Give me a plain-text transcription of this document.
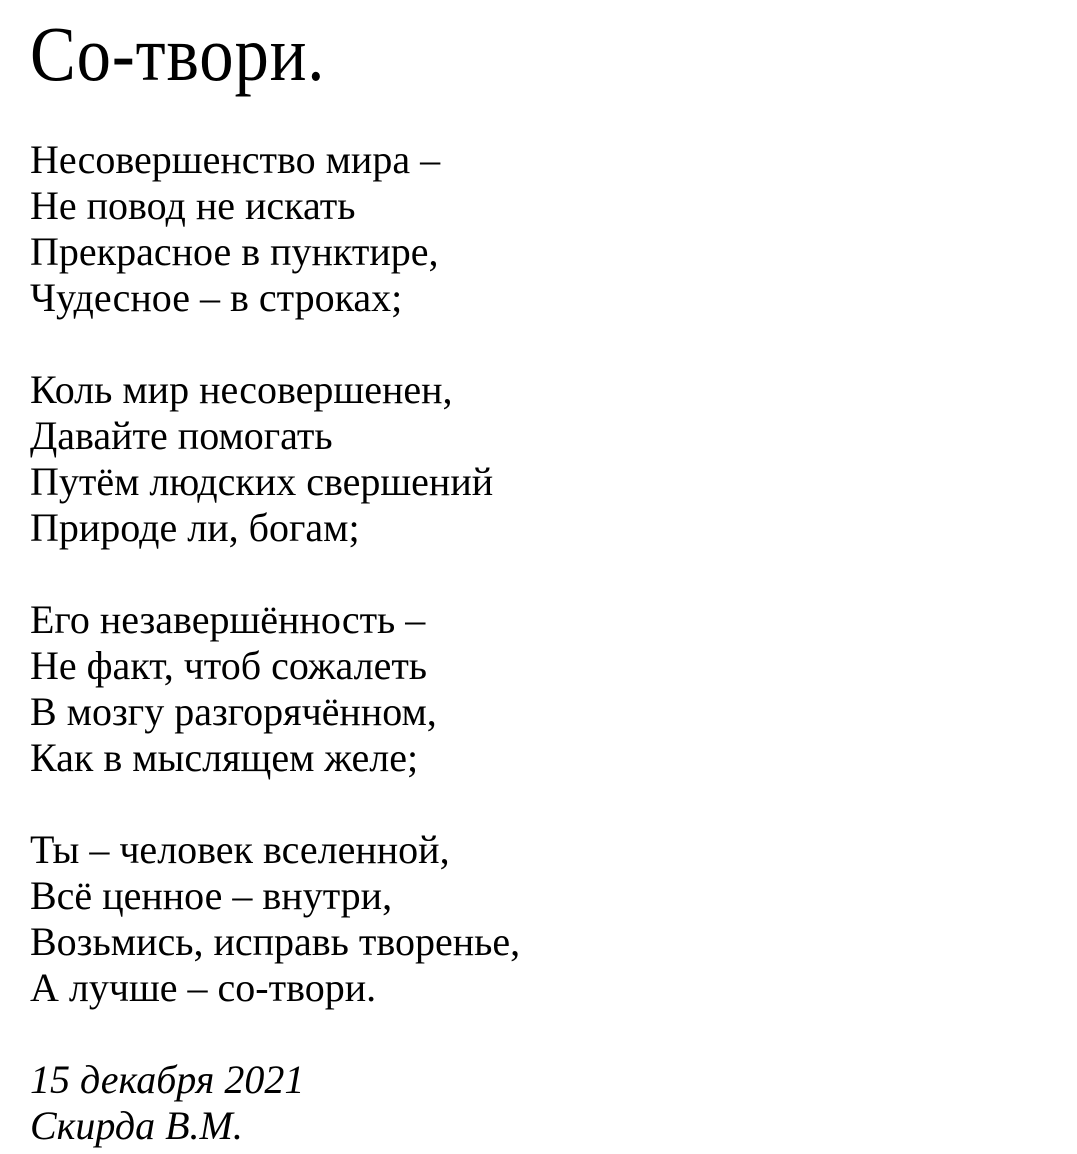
Со-твори.
Несовершенство мира –
Не повод не искать
Прекрасное в пунктире,
Чудесное – в строках;
Коль мир несовершенен,
Давайте помогать
Путём людских свершений
Природе ли, богам;
Его незавершённость –
Не факт, чтоб сожалеть
В мозгу разгорячённом,
Как в мыслящем желе;
Ты – человек вселенной,
Всё ценное – внутри,
Возьмись, исправь творенье,
А лучше – со-твори.
15 декабря 2021
Скирда В.М.
